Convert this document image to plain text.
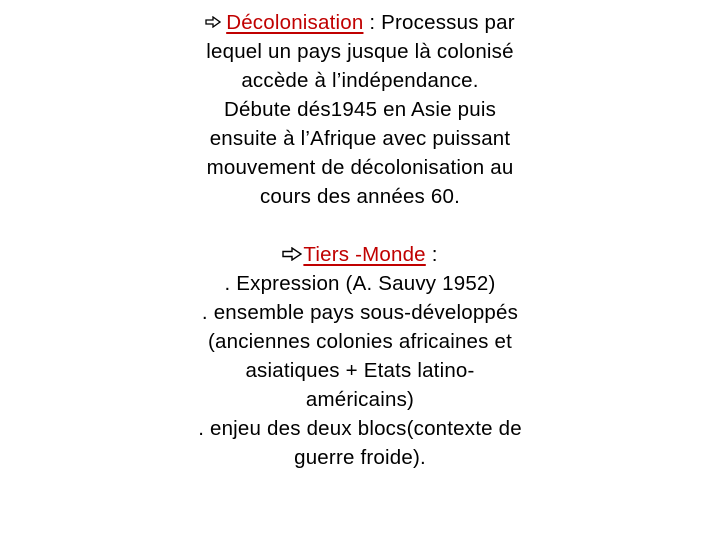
Décolonisation : Processus par
lequel un pays jusque là colonisé
accède à l’indépendance.
Débute dés1945 en Asie puis
ensuite à l’Afrique avec puissant
mouvement de décolonisation au
cours des années 60.
Tiers -Monde :
. Expression (A. Sauvy 1952)
. ensemble pays sous-développés
(anciennes colonies africaines et
asiatiques + Etats latino-
américains)
. enjeu des deux blocs(contexte de
guerre froide).
